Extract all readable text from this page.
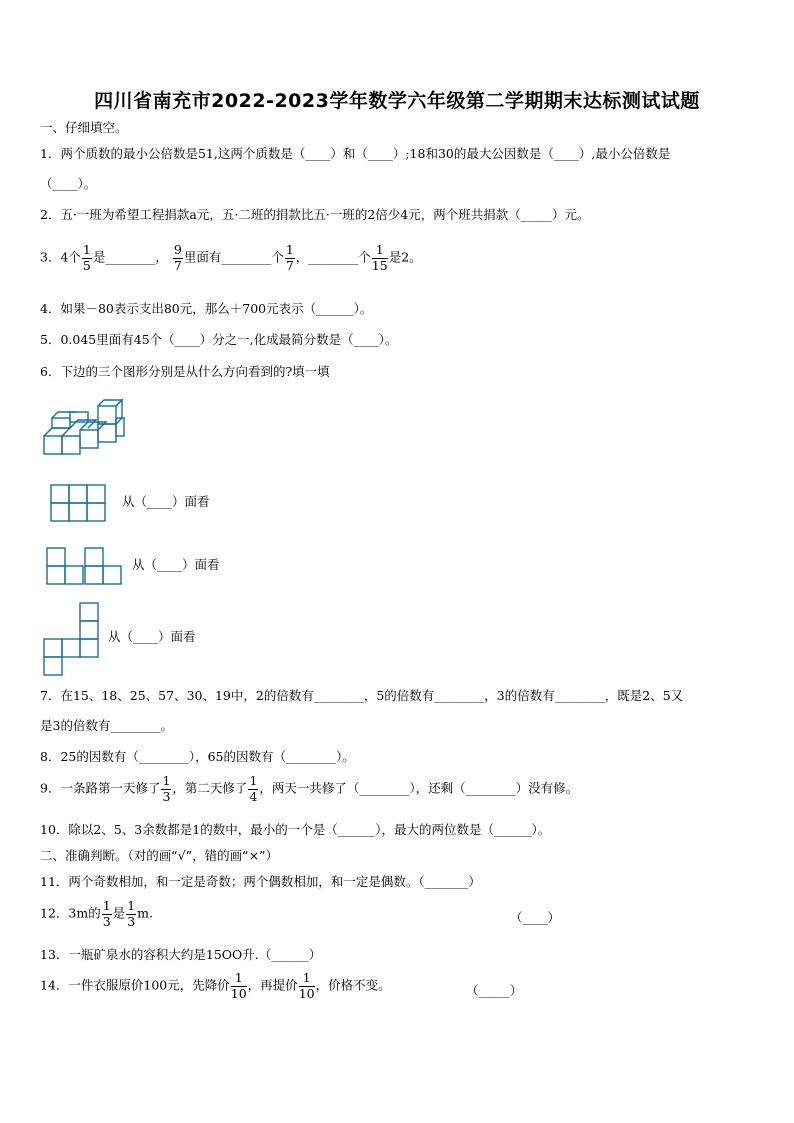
四川省南充市2022-2023学年数学六年级第二学期期末达标测试试题
一、仔细填空。
1．两个质数的最小公倍数是51,这两个质数是（____）和（____）;18和30的最大公因数是（____）,最小公倍数是
（____）。
2．五·一班为希望工程捐款a元，五·二班的捐款比五·一班的2倍少4元，两个班共捐款（_____）元。
3．4个 $\frac{1}{5}$ 是________， $\frac{9}{7}$ 里面有________个 $\frac{1}{7}$ ，________个 $\frac{1}{15}$ 是2。
4．如果－80表示支出80元，那么＋700元表示（______）。
5．0.045里面有45个（____）分之一,化成最简分数是（____）。
6．下边的三个图形分别是从什么方向看到的?填一填
从（____）面看
从（____）面看
从（____）面看
7．在15、18、25、57、30、19中，2的倍数有________，5的倍数有________，3的倍数有________，既是2、5又
是3的倍数有________。
8．25的因数有（________），65的因数有（________）。
9．一条路第一天修了 $\frac{1}{3}$ ，第二天修了 $\frac{1}{4}$ ，两天一共修了（________），还剩（________）没有修。
10．除以2、5、3余数都是1的数中，最小的一个是（______），最大的两位数是（______）。
二、准确判断。（对的画“√”，错的画“×”）
11．两个奇数相加，和一定是奇数；两个偶数相加，和一定是偶数。（_______）
12．3m的 $\frac{1}{3}$ 是 $\frac{1}{3} m$.	（____）
13．一瓶矿泉水的容积大约是15OO升.（______）
14．一件衣服原价100元，先降价 $\frac{1}{10}$ ，再提价 $\frac{1}{10}$ ，价格不变。	（_____）
